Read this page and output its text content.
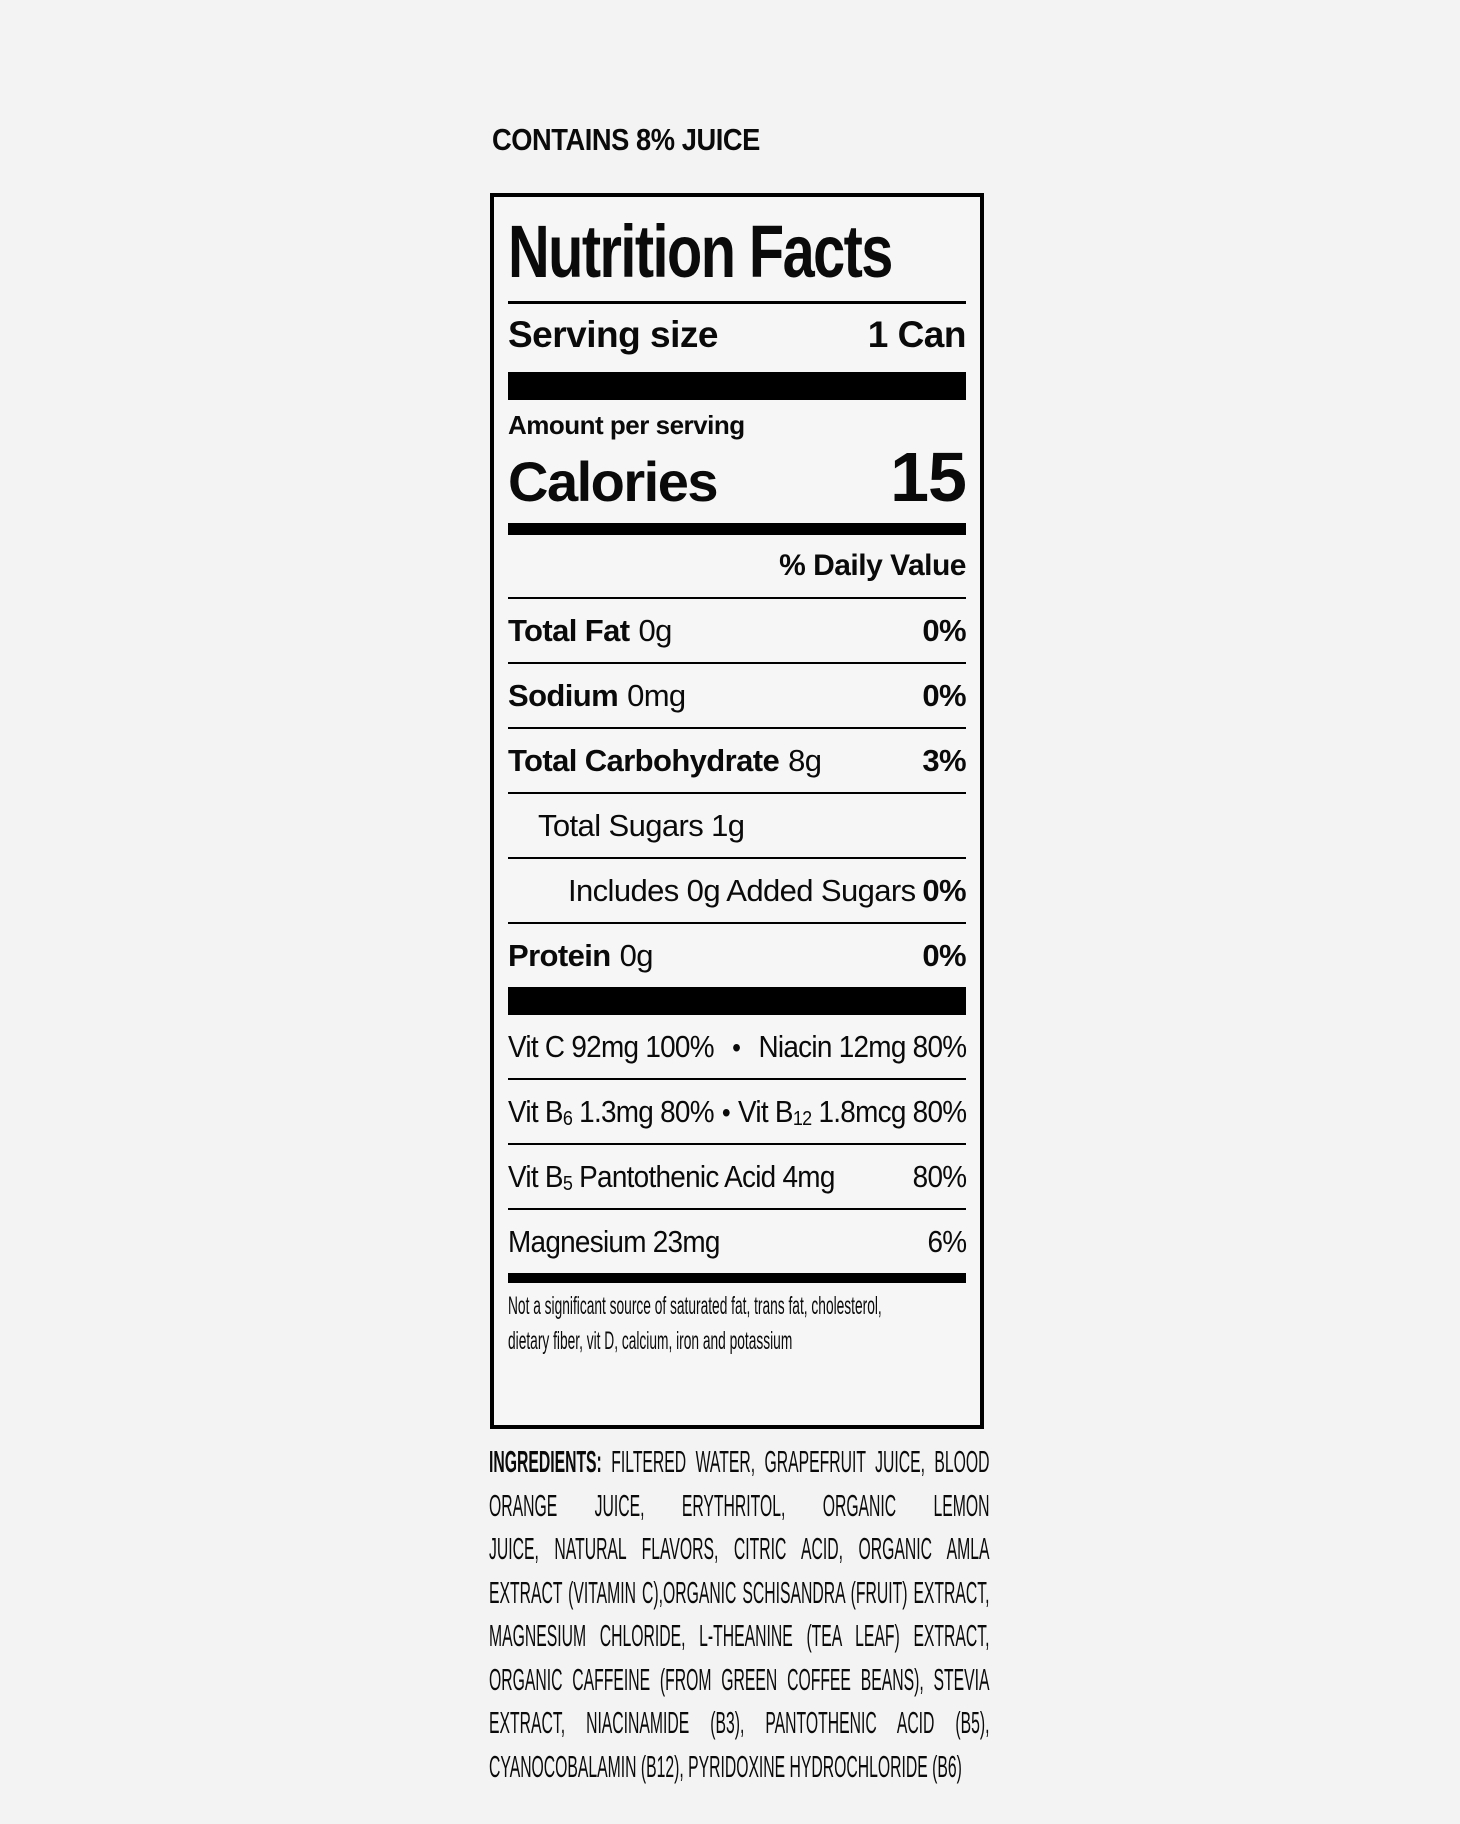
CONTAINS 8% JUICE
Nutrition Facts
Serving size	1 Can
Amount per serving
Calories 15
% Daily Value
Total Fat 0g	0%
Sodium 0mg	0%
Total Carbohydrate 8g	3%
Total Sugars 1g
Includes 0g Added Sugars 0%
Protein 0g	0%
Vit C 92mg 100% • Niacin 12mg 80%
Vit B6 1.3mg 80% • Vit B12 1.8mcg 80%
Vit B5 Pantothenic Acid 4mg	80%
Magnesium 23mg	6%
Not a significant source of saturated fat, trans fat, cholesterol,
dietary fiber, vit D, calcium, iron and potassium
INGREDIENTS: FILTERED WATER, GRAPEFRUIT JUICE, BLOOD
ORANGE JUICE, ERYTHRITOL, ORGANIC LEMON
JUICE, NATURAL FLAVORS, CITRIC ACID, ORGANIC AMLA
EXTRACT (VITAMIN C),ORGANIC SCHISANDRA (FRUIT) EXTRACT,
MAGNESIUM CHLORIDE, L-THEANINE (TEA LEAF) EXTRACT,
ORGANIC CAFFEINE (FROM GREEN COFFEE BEANS), STEVIA
EXTRACT, NIACINAMIDE (B3), PANTOTHENIC ACID (B5),
CYANOCOBALAMIN (B12), PYRIDOXINE HYDROCHLORIDE (B6)
